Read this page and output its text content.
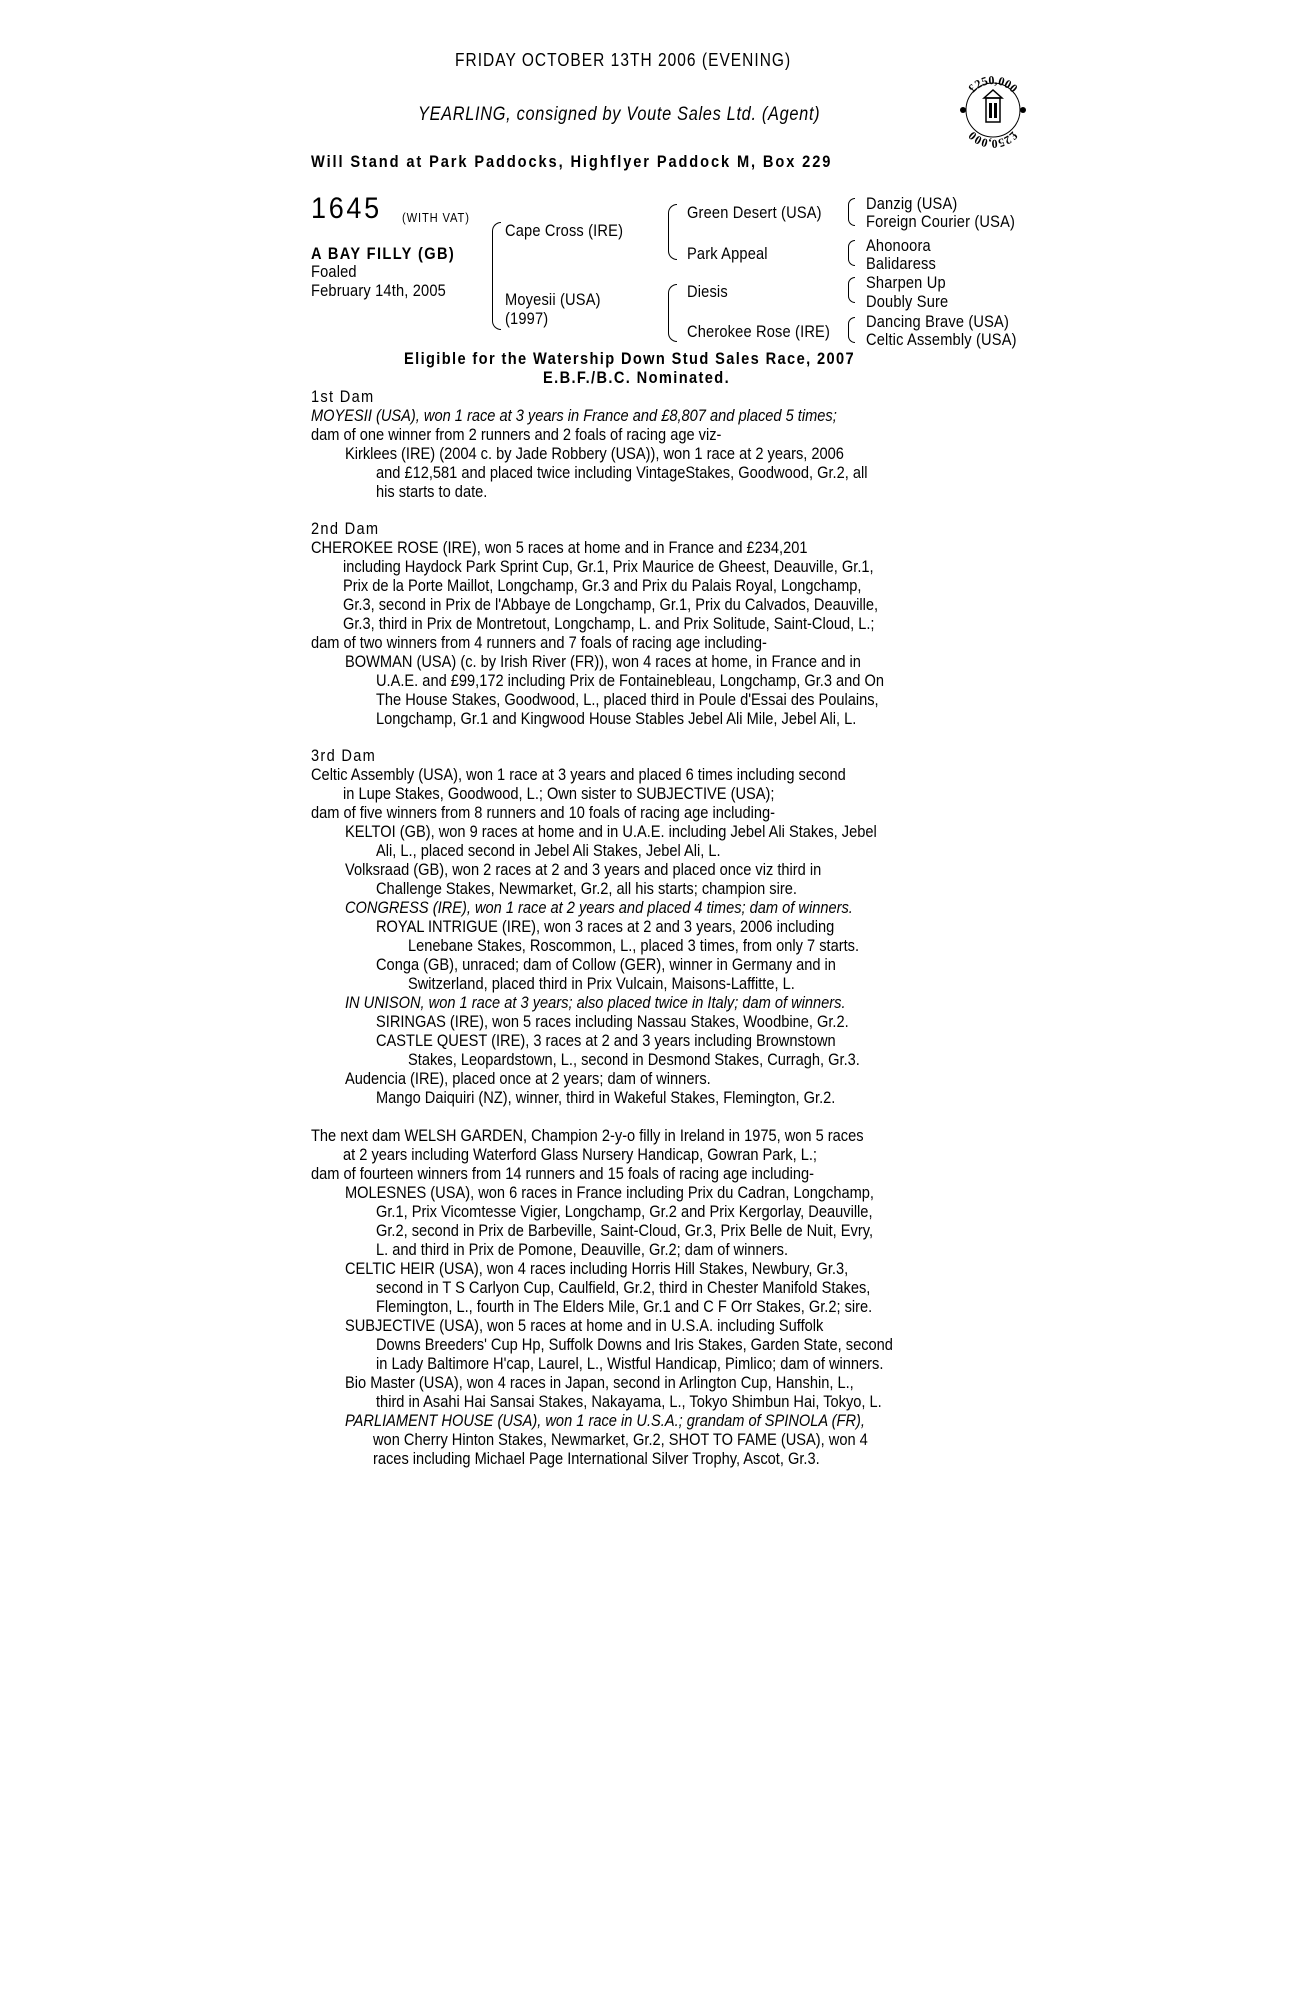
FRIDAY OCTOBER 13TH 2006 (EVENING)
YEARLING, consigned by Voute Sales Ltd. (Agent)
Will Stand at Park Paddocks, Highflyer Paddock M, Box 229
£250,000
£250,000
1645 (WITH VAT)
A BAY FILLY (GB)
Foaled
February 14th, 2005
Cape Cross (IRE)
Moyesii (USA)
(1997)
Green Desert (USA)
Park Appeal
Diesis
Cherokee Rose (IRE)
Danzig (USA)
Foreign Courier (USA)
Ahonoora
Balidaress
Sharpen Up
Doubly Sure
Dancing Brave (USA)
Celtic Assembly (USA)
Eligible for the Watership Down Stud Sales Race, 2007
E.B.F./B.C. Nominated.
1st Dam
MOYESII (USA), won 1 race at 3 years in France and £8,807 and placed 5 times;
dam of one winner from 2 runners and 2 foals of racing age viz-
Kirklees (IRE) (2004 c. by Jade Robbery (USA)), won 1 race at 2 years, 2006
and £12,581 and placed twice including VintageStakes, Goodwood, Gr.2, all
his starts to date.
2nd Dam
CHEROKEE ROSE (IRE), won 5 races at home and in France and £234,201
including Haydock Park Sprint Cup, Gr.1, Prix Maurice de Gheest, Deauville, Gr.1,
Prix de la Porte Maillot, Longchamp, Gr.3 and Prix du Palais Royal, Longchamp,
Gr.3, second in Prix de l'Abbaye de Longchamp, Gr.1, Prix du Calvados, Deauville,
Gr.3, third in Prix de Montretout, Longchamp, L. and Prix Solitude, Saint-Cloud, L.;
dam of two winners from 4 runners and 7 foals of racing age including-
BOWMAN (USA) (c. by Irish River (FR)), won 4 races at home, in France and in
U.A.E. and £99,172 including Prix de Fontainebleau, Longchamp, Gr.3 and On
The House Stakes, Goodwood, L., placed third in Poule d'Essai des Poulains,
Longchamp, Gr.1 and Kingwood House Stables Jebel Ali Mile, Jebel Ali, L.
3rd Dam
Celtic Assembly (USA), won 1 race at 3 years and placed 6 times including second
in Lupe Stakes, Goodwood, L.; Own sister to SUBJECTIVE (USA);
dam of five winners from 8 runners and 10 foals of racing age including-
KELTOI (GB), won 9 races at home and in U.A.E. including Jebel Ali Stakes, Jebel
Ali, L., placed second in Jebel Ali Stakes, Jebel Ali, L.
Volksraad (GB), won 2 races at 2 and 3 years and placed once viz third in
Challenge Stakes, Newmarket, Gr.2, all his starts; champion sire.
CONGRESS (IRE), won 1 race at 2 years and placed 4 times; dam of winners.
ROYAL INTRIGUE (IRE), won 3 races at 2 and 3 years, 2006 including
Lenebane Stakes, Roscommon, L., placed 3 times, from only 7 starts.
Conga (GB), unraced; dam of Collow (GER), winner in Germany and in
Switzerland, placed third in Prix Vulcain, Maisons-Laffitte, L.
IN UNISON, won 1 race at 3 years; also placed twice in Italy; dam of winners.
SIRINGAS (IRE), won 5 races including Nassau Stakes, Woodbine, Gr.2.
CASTLE QUEST (IRE), 3 races at 2 and 3 years including Brownstown
Stakes, Leopardstown, L., second in Desmond Stakes, Curragh, Gr.3.
Audencia (IRE), placed once at 2 years; dam of winners.
Mango Daiquiri (NZ), winner, third in Wakeful Stakes, Flemington, Gr.2.
The next dam WELSH GARDEN, Champion 2-y-o filly in Ireland in 1975, won 5 races
at 2 years including Waterford Glass Nursery Handicap, Gowran Park, L.;
dam of fourteen winners from 14 runners and 15 foals of racing age including-
MOLESNES (USA), won 6 races in France including Prix du Cadran, Longchamp,
Gr.1, Prix Vicomtesse Vigier, Longchamp, Gr.2 and Prix Kergorlay, Deauville,
Gr.2, second in Prix de Barbeville, Saint-Cloud, Gr.3, Prix Belle de Nuit, Evry,
L. and third in Prix de Pomone, Deauville, Gr.2; dam of winners.
CELTIC HEIR (USA), won 4 races including Horris Hill Stakes, Newbury, Gr.3,
second in T S Carlyon Cup, Caulfield, Gr.2, third in Chester Manifold Stakes,
Flemington, L., fourth in The Elders Mile, Gr.1 and C F Orr Stakes, Gr.2; sire.
SUBJECTIVE (USA), won 5 races at home and in U.S.A. including Suffolk
Downs Breeders' Cup Hp, Suffolk Downs and Iris Stakes, Garden State, second
in Lady Baltimore H'cap, Laurel, L., Wistful Handicap, Pimlico; dam of winners.
Bio Master (USA), won 4 races in Japan, second in Arlington Cup, Hanshin, L.,
third in Asahi Hai Sansai Stakes, Nakayama, L., Tokyo Shimbun Hai, Tokyo, L.
PARLIAMENT HOUSE (USA), won 1 race in U.S.A.; grandam of SPINOLA (FR),
won Cherry Hinton Stakes, Newmarket, Gr.2, SHOT TO FAME (USA), won 4
races including Michael Page International Silver Trophy, Ascot, Gr.3.
